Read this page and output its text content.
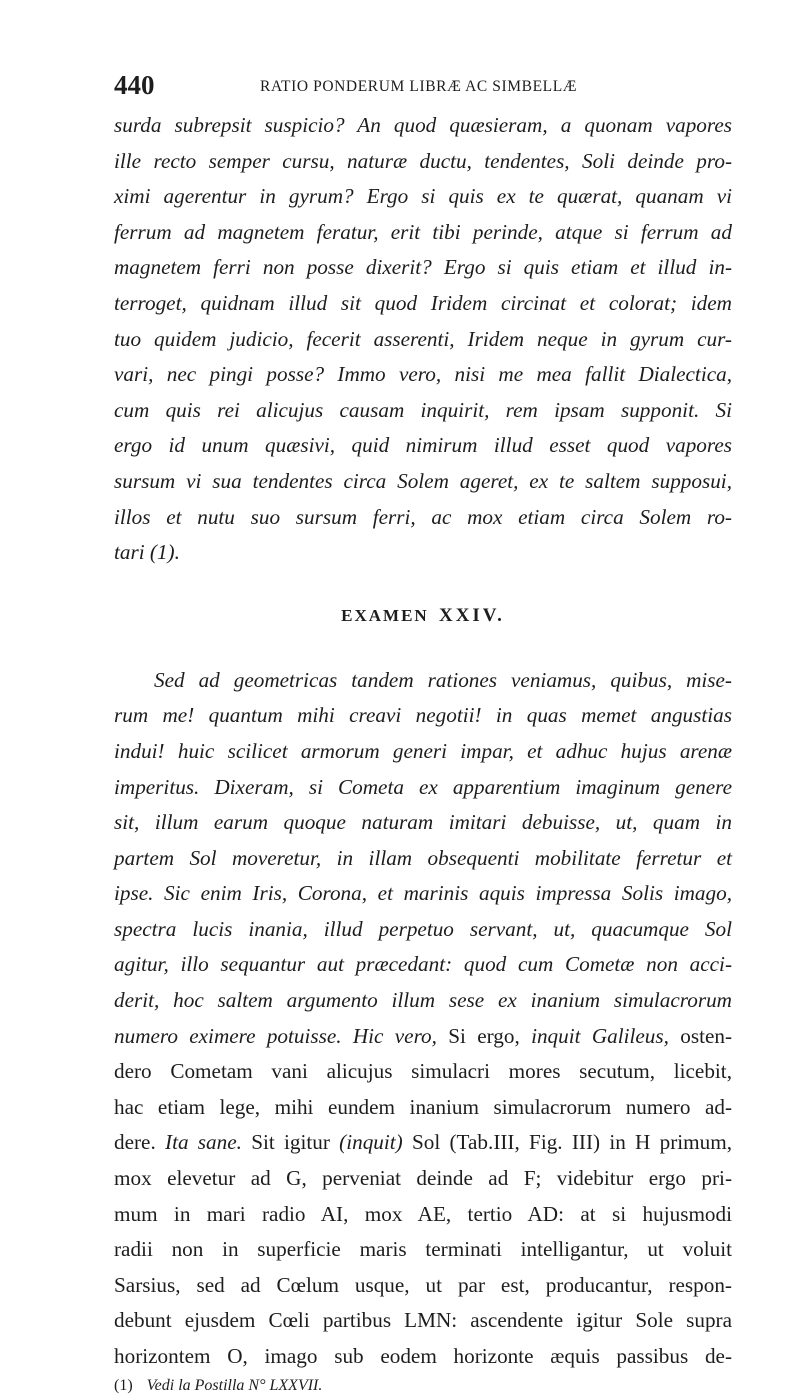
440	RATIO PONDERUM LIBRÆ AC SIMBELLÆ
surda subrepsit suspicio? An quod quæsieram, a quonam vapores
ille recto semper cursu, naturæ ductu, tendentes, Soli deinde pro-
ximi agerentur in gyrum? Ergo si quis ex te quærat, quanam vi
ferrum ad magnetem feratur, erit tibi perinde, atque si ferrum ad
magnetem ferri non posse dixerit? Ergo si quis etiam et illud in-
terroget, quidnam illud sit quod Iridem circinat et colorat; idem
tuo quidem judicio, fecerit asserenti, Iridem neque in gyrum cur-
vari, nec pingi posse? Immo vero, nisi me mea fallit Dialectica,
cum quis rei alicujus causam inquirit, rem ipsam supponit. Si
ergo id unum quæsivi, quid nimirum illud esset quod vapores
sursum vi sua tendentes circa Solem ageret, ex te saltem supposui,
illos et nutu suo sursum ferri, ac mox etiam circa Solem ro-
tari (1).
EXAMEN XXIV.
Sed ad geometricas tandem rationes veniamus, quibus, mise-
rum me! quantum mihi creavi negotii! in quas memet angustias
indui! huic scilicet armorum generi impar, et adhuc hujus arenæ
imperitus. Dixeram, si Cometa ex apparentium imaginum genere
sit, illum earum quoque naturam imitari debuisse, ut, quam in
partem Sol moveretur, in illam obsequenti mobilitate ferretur et
ipse. Sic enim Iris, Corona, et marinis aquis impressa Solis imago,
spectra lucis inania, illud perpetuo servant, ut, quacumque Sol
agitur, illo sequantur aut præcedant: quod cum Cometæ non acci-
derit, hoc saltem argumento illum sese ex inanium simulacrorum
numero eximere potuisse. Hic vero, Si ergo, inquit Galileus, osten-
dero Cometam vani alicujus simulacri mores secutum, licebit,
hac etiam lege, mihi eundem inanium simulacrorum numero ad-
dere. Ita sane. Sit igitur (inquit) Sol (Tab.III, Fig. III) in H primum,
mox elevetur ad G, perveniat deinde ad F; videbitur ergo pri-
mum in mari radio AI, mox AE, tertio AD: at si hujusmodi
radii non in superficie maris terminati intelligantur, ut voluit
Sarsius, sed ad Cœlum usque, ut par est, producantur, respon-
debunt ejusdem Cœli partibus LMN: ascendente igitur Sole supra
horizontem O, imago sub eodem horizonte æquis passibus de-
(1) Vedi la Postilla N° LXXVII.
